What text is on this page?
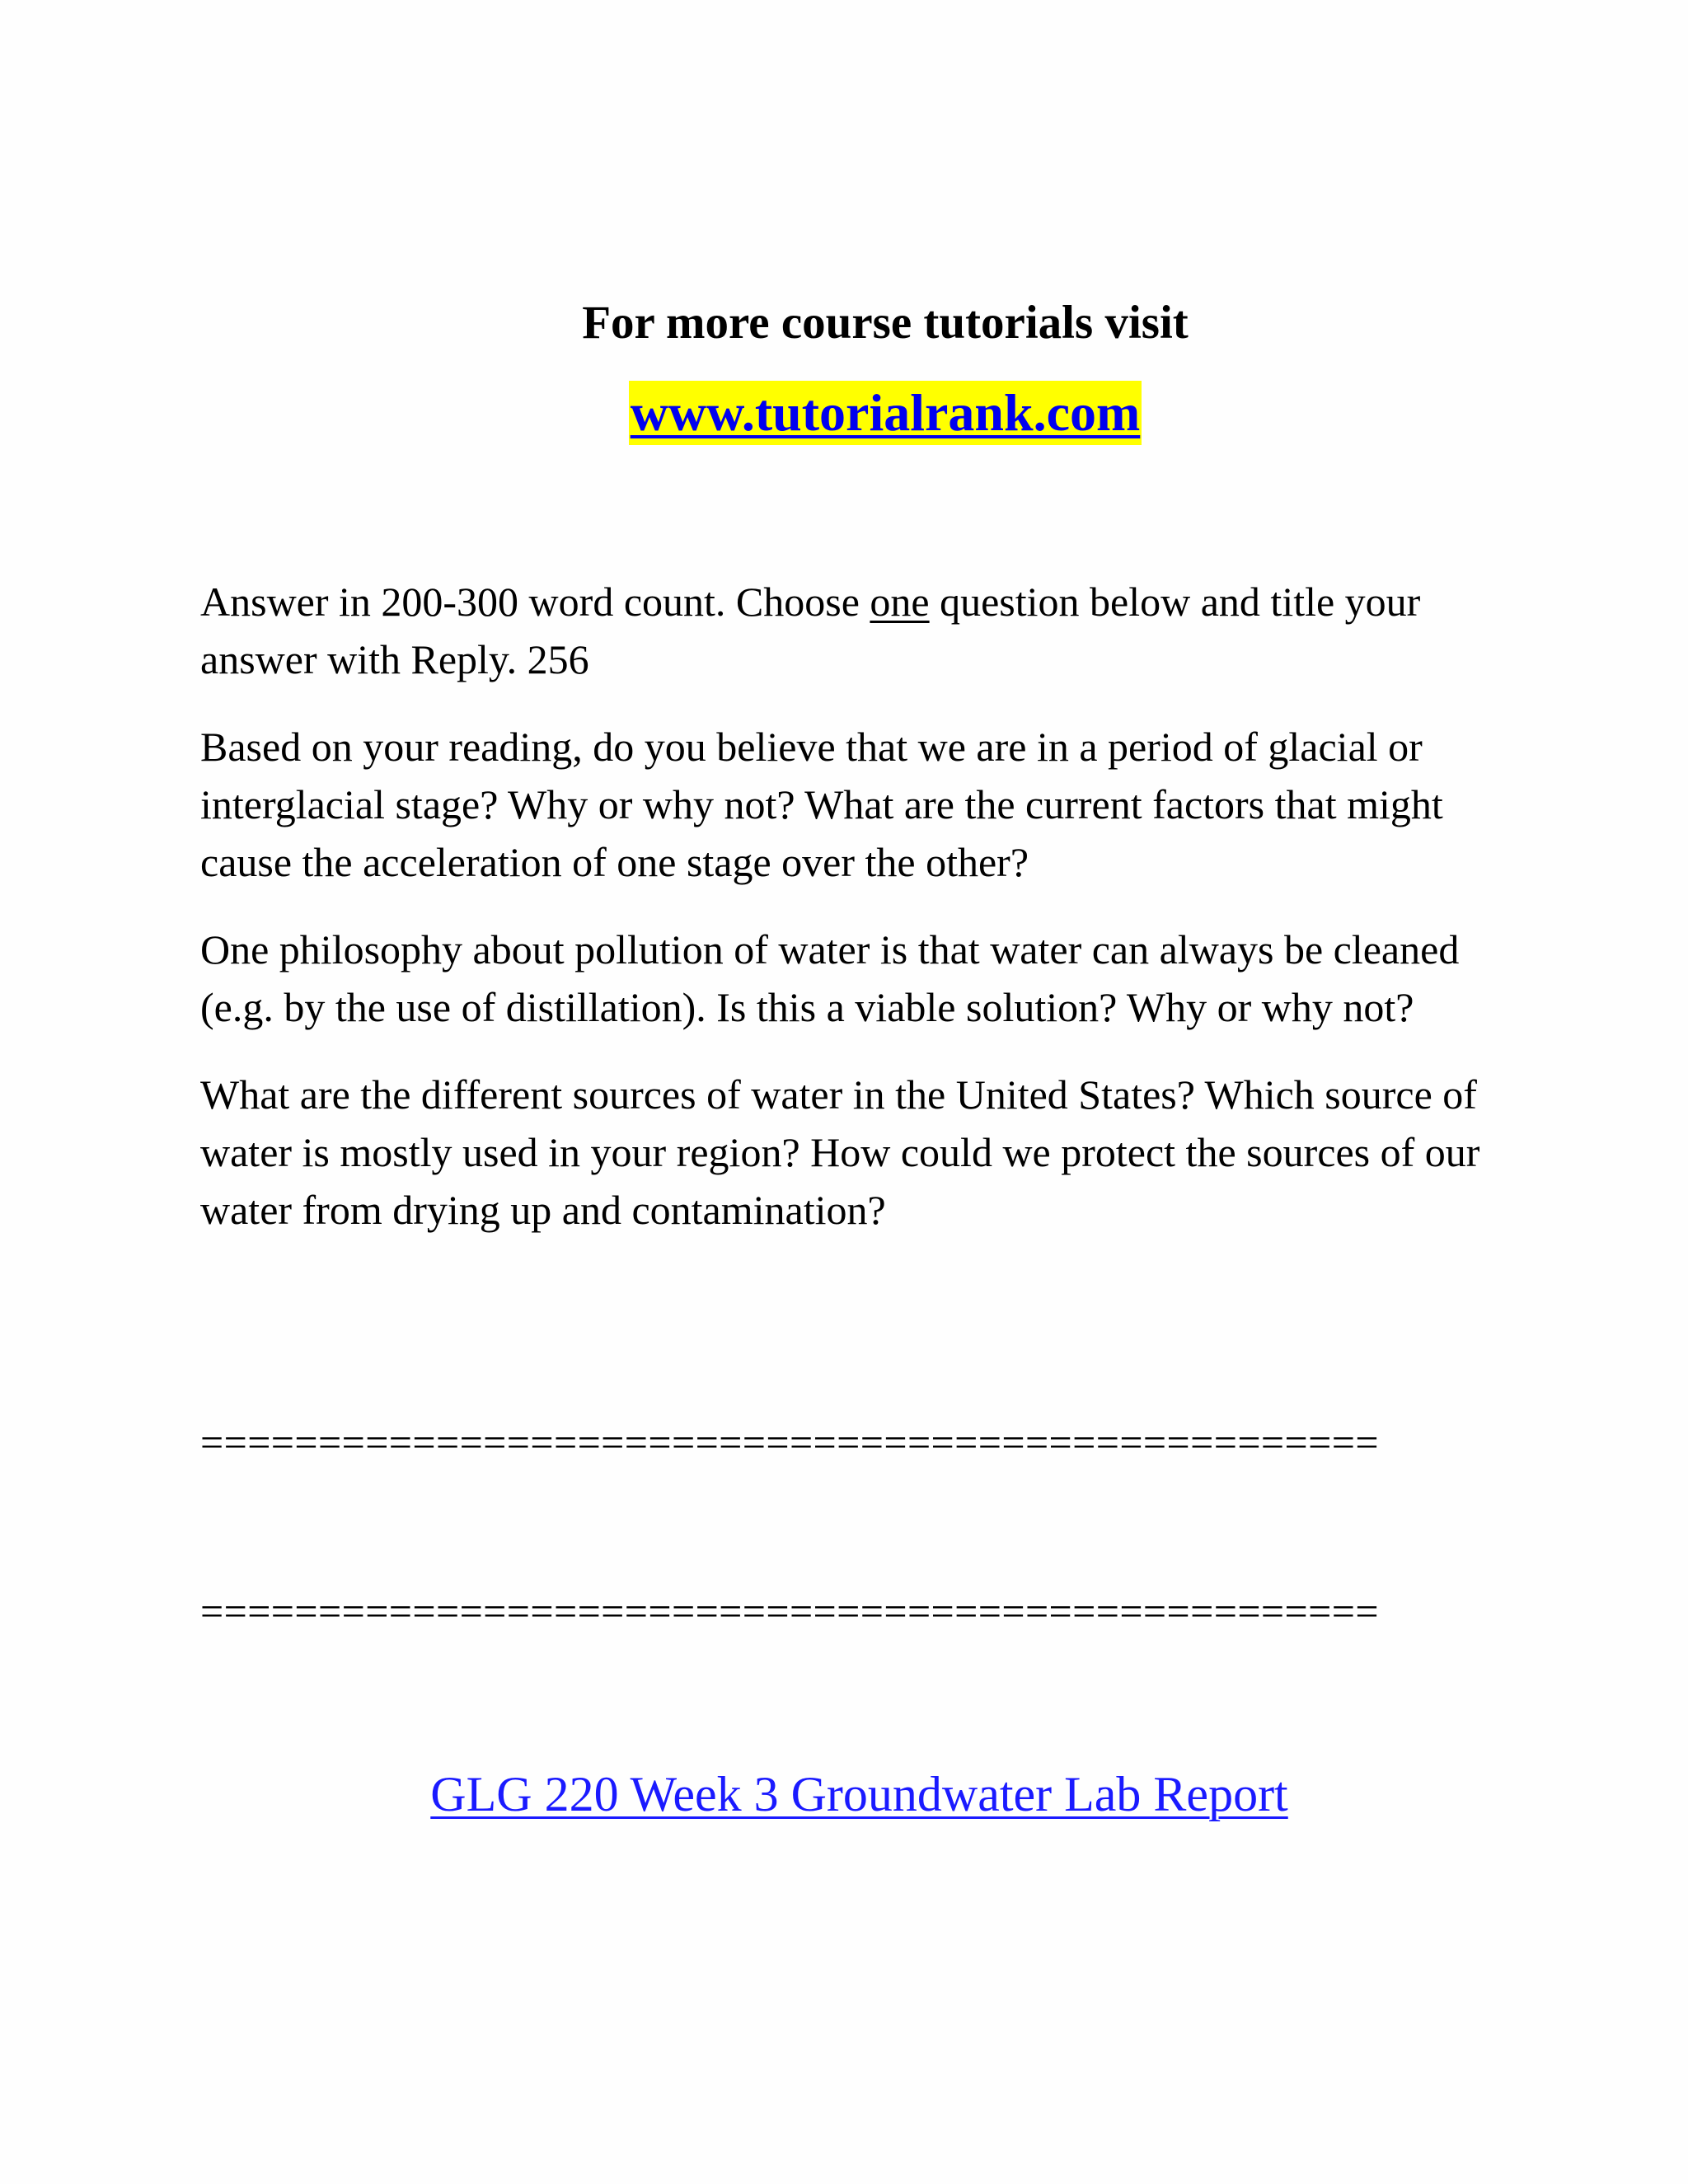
For more course tutorials visit
www.tutorialrank.com

Answer in 200-300 word count. Choose one question below and title your answer with Reply. 256

Based on your reading, do you believe that we are in a period of glacial or interglacial stage? Why or why not? What are the current factors that might cause the acceleration of one stage over the other?

One philosophy about pollution of water is that water can always be cleaned (e.g. by the use of distillation). Is this a viable solution? Why or why not?

What are the different sources of water in the United States? Which source of water is mostly used in your region? How could we protect the sources of our water from drying up and contamination?

==================================================
==================================================
GLG 220 Week 3 Groundwater Lab Report
